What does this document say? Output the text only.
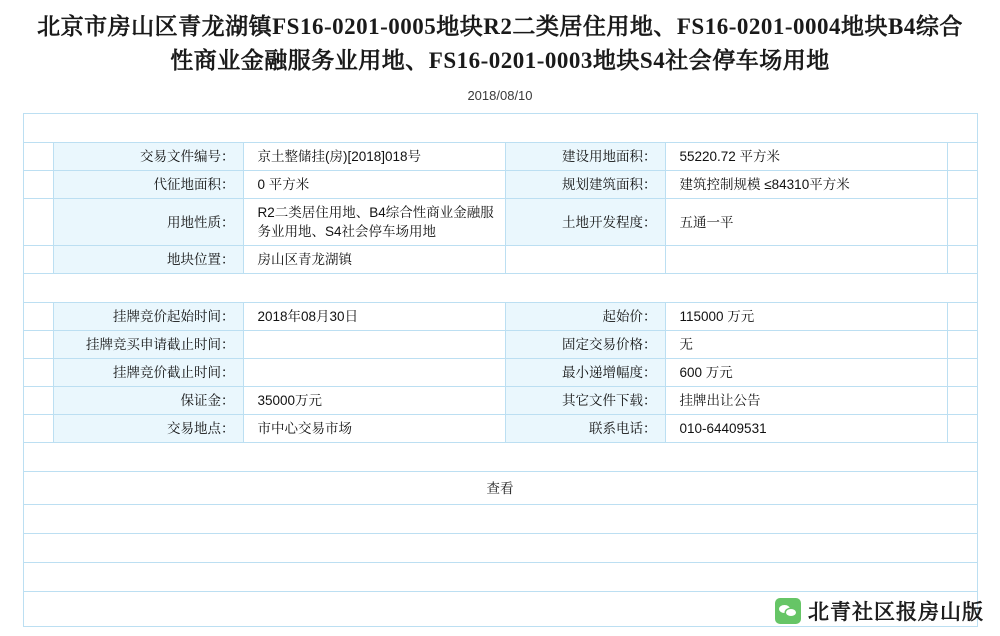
北京市房山区青龙湖镇FS16-0201-0005地块R2二类居住用地、FS16-0201-0004地块B4综合性商业金融服务业用地、FS16-0201-0003地块S4社会停车场用地
2018/08/10
基本信息					
	交易文件编号：	京土整储挂(房)[2018]018号	建设用地面积：	55220.72 平方米	
	代征地面积：	0 平方米	规划建筑面积：	建筑控制规模 ≤84310平方米	
	用地性质：	R2二类居住用地、B4综合性商业金融服务业用地、S4社会停车场用地	土地开发程度：	五通一平	
	地块位置：	房山区青龙湖镇			
交易信息					
	挂牌竞价起始时间：	2018年08月30日	起始价：	115000 万元	
	挂牌竞买申请截止时间：		固定交易价格：	无	
	挂牌竞价截止时间：		最小递增幅度：	600 万元	
	保证金：	35000万元	其它文件下载：	挂牌出让公告	
	交易地点：	市中心交易市场	联系电话：	010-64409531	
挂牌交易公告					
查看					
补充公告					
备忘录					
历史报价					

北青社区报房山版
